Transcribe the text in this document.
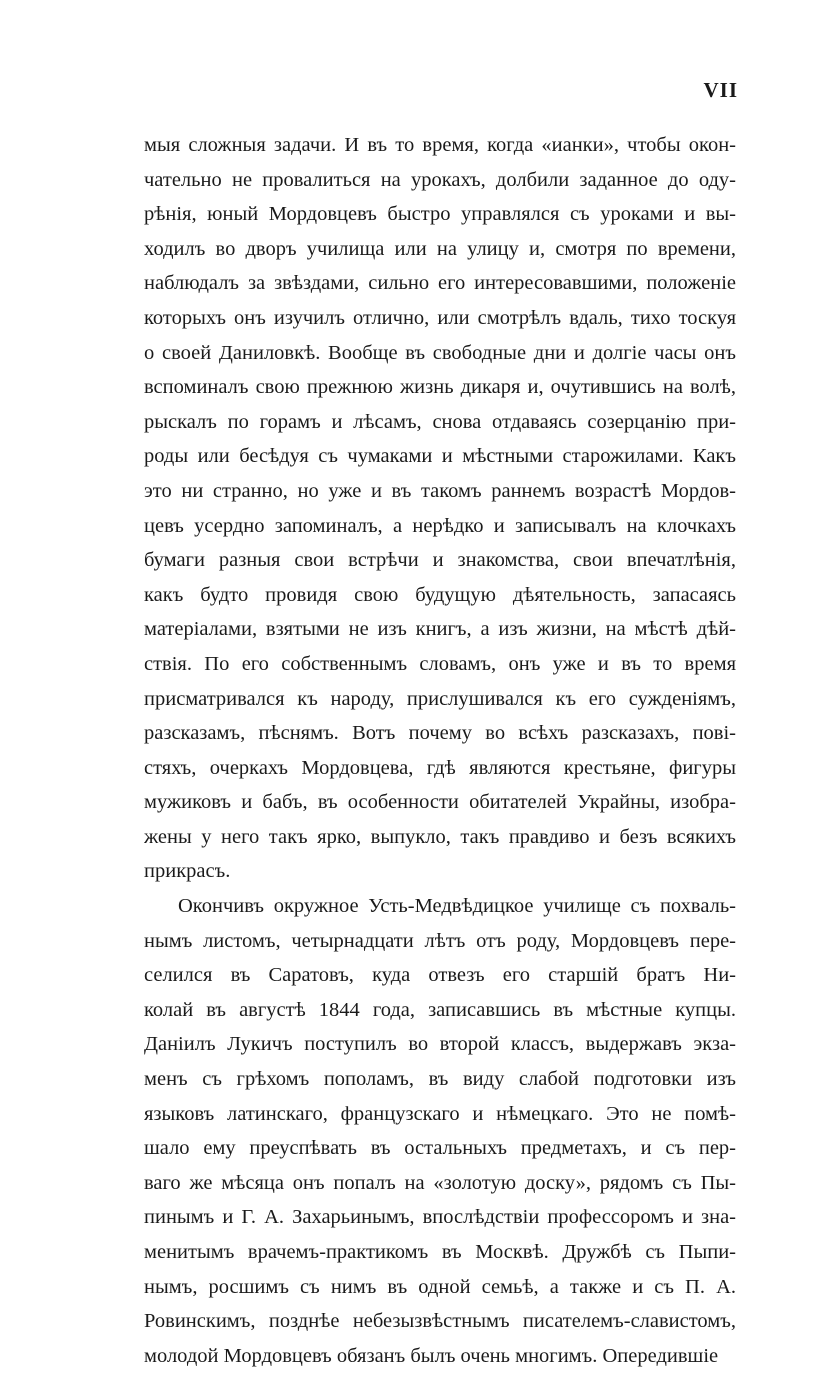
VII
мыя сложныя задачи. И въ то время, когда «ианки», чтобы окон-
чательно не провалиться на урокахъ, долбили заданное до оду-
рѣнія, юный Мордовцевъ быстро управлялся съ уроками и вы-
ходилъ во дворъ училища или на улицу и, смотря по времени,
наблюдалъ за звѣздами, сильно его интересовавшими, положеніе
которыхъ онъ изучилъ отлично, или смотрѣлъ вдаль, тихо тоскуя
о своей Даниловкѣ. Вообще въ свободные дни и долгіе часы онъ
вспоминалъ свою прежнюю жизнь дикаря и, очутившись на волѣ,
рыскалъ по горамъ и лѣсамъ, снова отдаваясь созерцанію при-
роды или бесѣдуя съ чумаками и мѣстными старожилами. Какъ
это ни странно, но уже и въ такомъ раннемъ возрастѣ Мордов-
цевъ усердно запоминалъ, а нерѣдко и записывалъ на клочкахъ
бумаги разныя свои встрѣчи и знакомства, свои впечатлѣнія,
какъ будто провидя свою будущую дѣятельность, запасаясь
матеріалами, взятыми не изъ книгъ, а изъ жизни, на мѣстѣ дѣй-
ствія. По его собственнымъ словамъ, онъ уже и въ то время
присматривался къ народу, прислушивался къ его сужденіямъ,
разсказамъ, пѣснямъ. Вотъ почему во всѣхъ разсказахъ, пові-
стяхъ, очеркахъ Мордовцева, гдѣ являются крестьяне, фигуры
мужиковъ и бабъ, въ особенности обитателей Украйны, изобра-
жены у него такъ ярко, выпукло, такъ правдиво и безъ всякихъ
прикрасъ.
Окончивъ окружное Усть-Медвѣдицкое училище съ похваль-
нымъ листомъ, четырнадцати лѣтъ отъ роду, Мордовцевъ пере-
селился въ Саратовъ, куда отвезъ его старшій братъ Ни-
колай въ августѣ 1844 года, записавшись въ мѣстные купцы.
Даніилъ Лукичъ поступилъ во второй классъ, выдержавъ экза-
менъ съ грѣхомъ пополамъ, въ виду слабой подготовки изъ
языковъ латинскаго, французскаго и нѣмецкаго. Это не помѣ-
шало ему преуспѣвать въ остальныхъ предметахъ, и съ пер-
ваго же мѣсяца онъ попалъ на «золотую доску», рядомъ съ Пы-
пинымъ и Г. А. Захарьинымъ, впослѣдствіи профессоромъ и зна-
менитымъ врачемъ-практикомъ въ Москвѣ. Дружбѣ съ Пыпи-
нымъ, росшимъ съ нимъ въ одной семьѣ, а также и съ П. А.
Ровинскимъ, позднѣе небезызвѣстнымъ писателемъ-славистомъ,
молодой Мордовцевъ обязанъ былъ очень многимъ. Опередившіе
